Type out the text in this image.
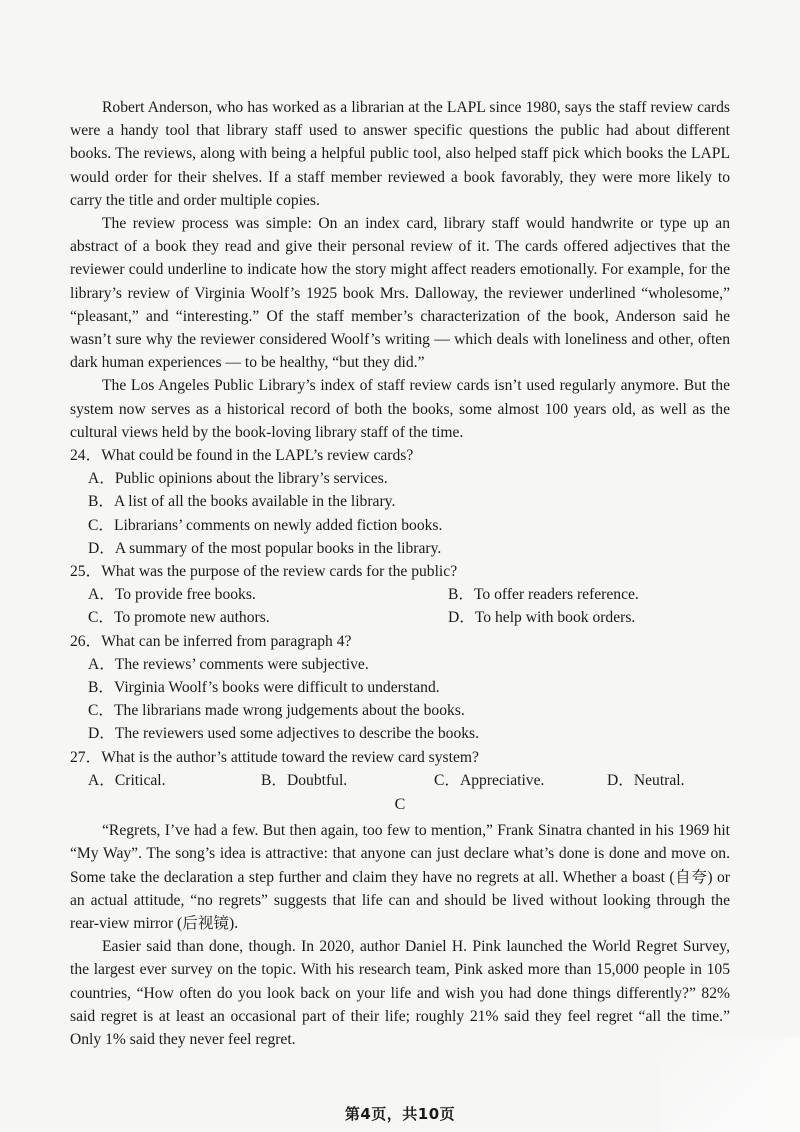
Robert Anderson, who has worked as a librarian at the LAPL since 1980, says the staff review cards were a handy tool that library staff used to answer specific questions the public had about different books. The reviews, along with being a helpful public tool, also helped staff pick which books the LAPL would order for their shelves. If a staff member reviewed a book favorably, they were more likely to carry the title and order multiple copies.

The review process was simple: On an index card, library staff would handwrite or type up an abstract of a book they read and give their personal review of it. The cards offered adjectives that the reviewer could underline to indicate how the story might affect readers emotionally. For example, for the library’s review of Virginia Woolf’s 1925 book Mrs. Dalloway, the reviewer underlined “wholesome,” “pleasant,” and “interesting.” Of the staff member’s characterization of the book, Anderson said he wasn’t sure why the reviewer considered Woolf’s writing — which deals with loneliness and other, often dark human experiences — to be healthy, “but they did.”

The Los Angeles Public Library’s index of staff review cards isn’t used regularly anymore. But the system now serves as a historical record of both the books, some almost 100 years old, as well as the cultural views held by the book-loving library staff of the time.

24．What could be found in the LAPL’s review cards?

A．Public opinions about the library’s services.

B．A list of all the books available in the library.

C．Librarians’ comments on newly added fiction books.

D．A summary of the most popular books in the library.

25．What was the purpose of the review cards for the public?

A．To provide free books.	B．To offer readers reference.

C．To promote new authors.	D．To help with book orders.

26．What can be inferred from paragraph 4?

A．The reviews’ comments were subjective.

B．Virginia Woolf’s books were difficult to understand.

C．The librarians made wrong judgements about the books.

D．The reviewers used some adjectives to describe the books.

27．What is the author’s attitude toward the review card system?

A．Critical.	B．Doubtful.	C．Appreciative.	D．Neutral.

C

“Regrets, I’ve had a few. But then again, too few to mention,” Frank Sinatra chanted in his 1969 hit “My Way”. The song’s idea is attractive: that anyone can just declare what’s done is done and move on. Some take the declaration a step further and claim they have no regrets at all. Whether a boast (自夸) or an actual attitude, “no regrets” suggests that life can and should be lived without looking through the rear-view mirror (后视镜).

Easier said than done, though. In 2020, author Daniel H. Pink launched the World Regret Survey, the largest ever survey on the topic. With his research team, Pink asked more than 15,000 people in 105 countries, “How often do you look back on your life and wish you had done things differently?” 82% said regret is at least an occasional part of their life; roughly 21% said they feel regret “all the time.” Only 1% said they never feel regret.

第4页，共10页
